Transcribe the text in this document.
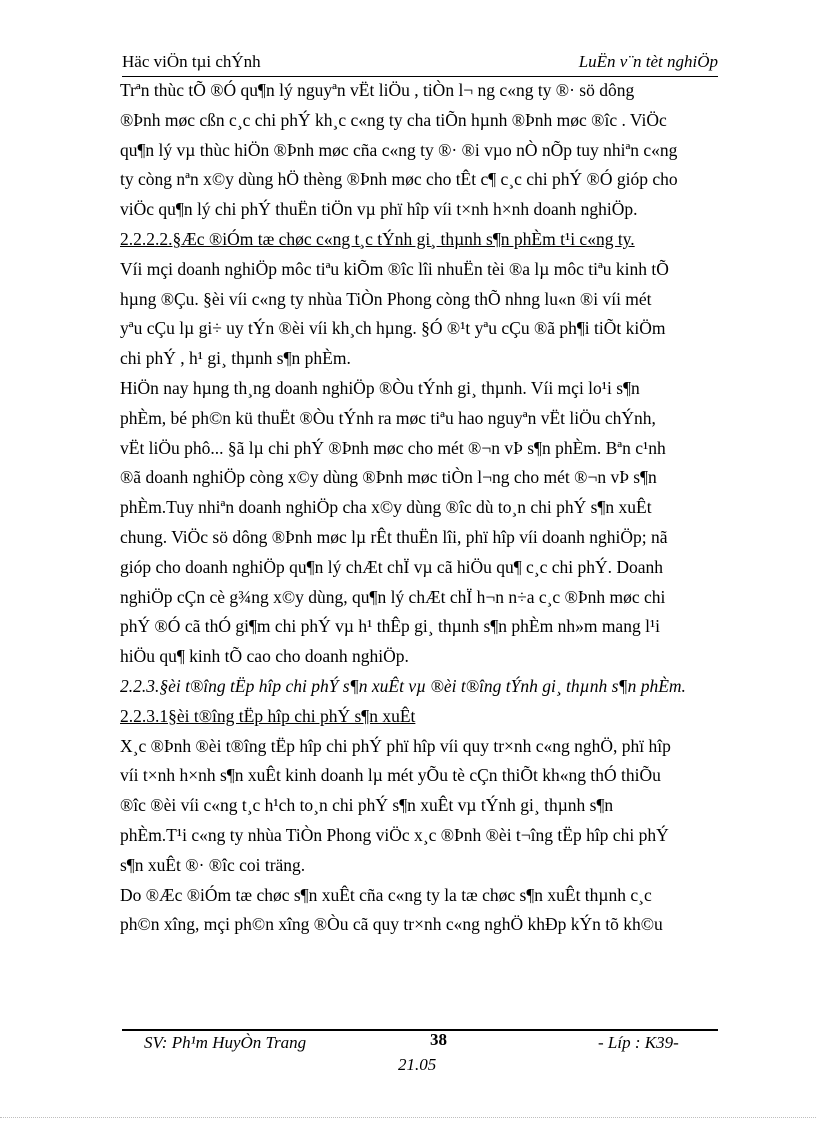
Häc viÖn tµi chÝnh	LuËn v¨n tèt nghiÖp
Trªn thùc tÕ ®Ó qu¶n lý nguyªn vËt liÖu , tiÒn l¬ ng c«ng ty ®· sö dông
®Þnh møc cßn c¸c chi phÝ kh¸c c«ng ty cha tiÕn hµnh ®Þnh møc ®îc . ViÖc
qu¶n lý vµ thùc hiÖn ®Þnh møc cña c«ng ty ®· ®i vµo nÒ nÕp tuy nhiªn c«ng
ty còng nªn x©y dùng hÖ thèng ®Þnh møc cho tÊt c¶ c¸c chi phÝ ®Ó gióp cho
viÖc qu¶n lý chi phÝ thuËn tiÖn vµ phï hîp víi t×nh h×nh doanh nghiÖp.
2.2.2.2.§Æc ®iÓm tæ chøc c«ng t¸c tÝnh gi¸ thµnh s¶n phÈm t¹i c«ng ty.
Víi mçi doanh nghiÖp môc tiªu kiÕm ®îc lîi nhuËn tèi ®a lµ môc tiªu kinh tÕ
hµng ®Çu. §èi víi c«ng ty nhùa TiÒn Phong còng thÕ nhng lu«n ®i víi mét
yªu cÇu lµ gi÷ uy tÝn ®èi víi kh¸ch hµng. §Ó ®¹t yªu cÇu ®ã ph¶i tiÕt kiÖm
chi phÝ , h¹ gi¸ thµnh s¶n phÈm.
HiÖn nay hµng th¸ng doanh nghiÖp ®Òu tÝnh gi¸ thµnh. Víi mçi lo¹i s¶n
phÈm, bé ph©n kü thuËt ®Òu tÝnh ra møc tiªu hao nguyªn vËt liÖu chÝnh,
vËt liÖu phô... §ã lµ chi phÝ ®Þnh møc cho mét ®¬n vÞ s¶n phÈm. Bªn c¹nh
®ã doanh nghiÖp còng x©y dùng ®Þnh møc tiÒn l¬ng cho mét ®¬n vÞ s¶n
phÈm.Tuy nhiªn doanh nghiÖp cha x©y dùng ®îc dù to¸n chi phÝ s¶n xuÊt
chung. ViÖc sö dông ®Þnh møc lµ rÊt thuËn lîi, phï hîp víi doanh nghiÖp; nã
gióp cho doanh nghiÖp qu¶n lý chÆt chÏ vµ cã hiÖu qu¶ c¸c chi phÝ. Doanh
nghiÖp cÇn cè g¾ng x©y dùng, qu¶n lý chÆt chÏ h¬n n÷a c¸c ®Þnh møc chi
phÝ ®Ó cã thÓ gi¶m chi phÝ vµ h¹ thÊp gi¸ thµnh s¶n phÈm nh»m mang l¹i
hiÖu qu¶ kinh tÕ cao cho doanh nghiÖp.
2.2.3.§èi t®îng tËp hîp chi phÝ s¶n xuÊt vµ ®èi t®îng tÝnh gi¸ thµnh s¶n phÈm.
2.2.3.1§èi t®îng tËp hîp chi phÝ s¶n xuÊt
X¸c ®Þnh ®èi t®îng tËp hîp chi phÝ phï hîp víi quy tr×nh c«ng nghÖ, phï hîp
víi t×nh h×nh s¶n xuÊt kinh doanh lµ mét yÕu tè cÇn thiÕt kh«ng thÓ thiÕu
®îc ®èi víi c«ng t¸c h¹ch to¸n chi phÝ s¶n xuÊt vµ tÝnh gi¸ thµnh s¶n
phÈm.T¹i c«ng ty nhùa TiÒn Phong viÖc x¸c ®Þnh ®èi t¬îng tËp hîp chi phÝ
s¶n xuÊt ®· ®îc coi träng.
Do ®Æc ®iÓm tæ chøc s¶n xuÊt cña c«ng ty la tæ chøc s¶n xuÊt thµnh c¸c
ph©n xîng, mçi ph©n xîng ®Òu cã quy tr×nh c«ng nghÖ khÐp kÝn tõ kh©u
SV: Ph¹m HuyÒn Trang	38
21.05
- Líp : K39-
